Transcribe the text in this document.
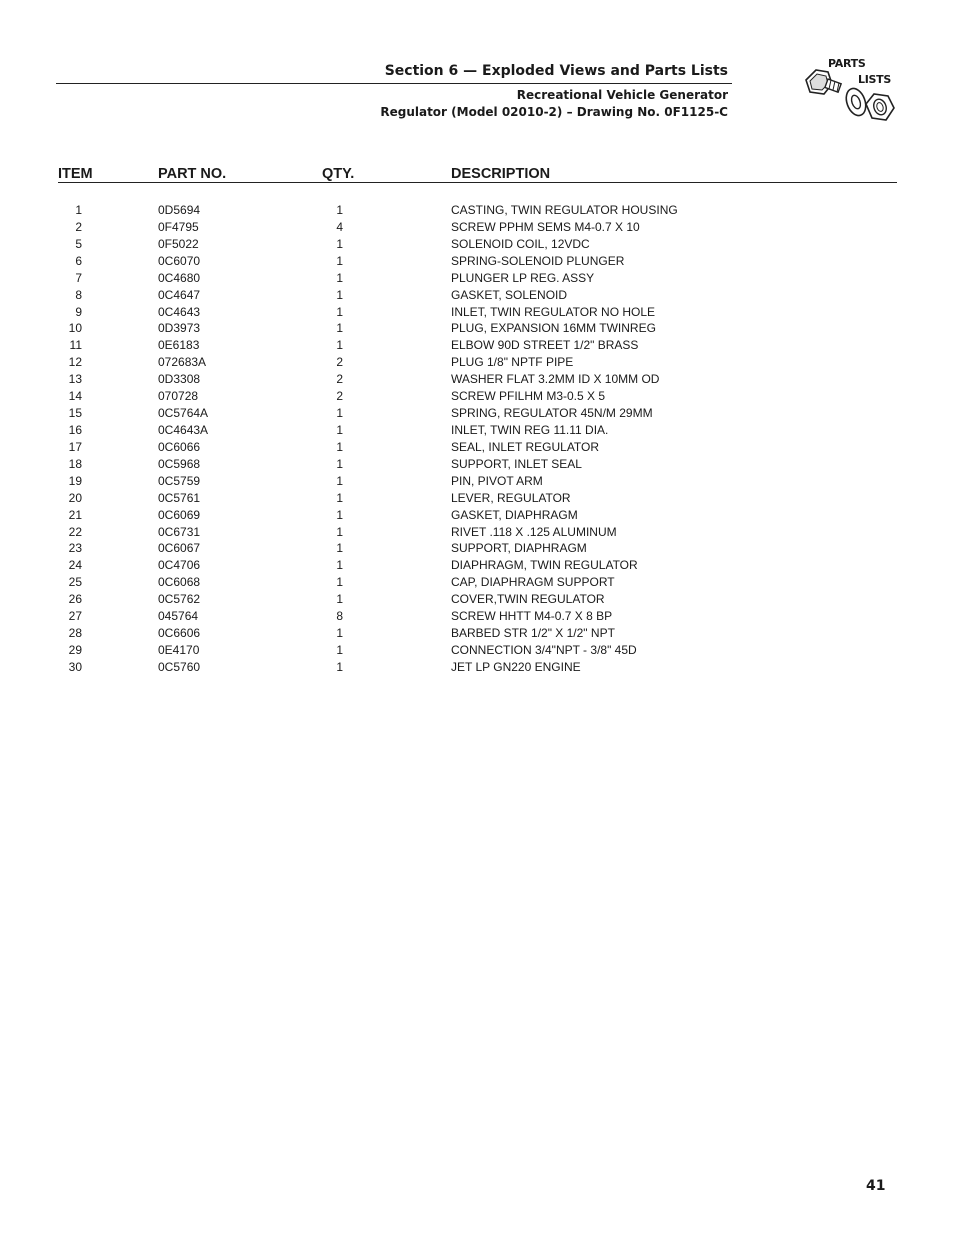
Section 6 — Exploded Views and Parts Lists
Recreational Vehicle Generator
Regulator (Model 02010-2) – Drawing No. 0F1125-C
PARTS
LISTS
ITEM	PART NO.	QTY.	DESCRIPTION
1	0D5694	1	CASTING, TWIN REGULATOR HOUSING
2	0F4795	4	SCREW PPHM SEMS M4-0.7 X 10
5	0F5022	1	SOLENOID COIL, 12VDC
6	0C6070	1	SPRING-SOLENOID PLUNGER
7	0C4680	1	PLUNGER LP REG. ASSY
8	0C4647	1	GASKET, SOLENOID
9	0C4643	1	INLET, TWIN REGULATOR NO HOLE
10	0D3973	1	PLUG, EXPANSION 16MM TWINREG
11	0E6183	1	ELBOW 90D STREET 1/2" BRASS
12	072683A	2	PLUG 1/8" NPTF PIPE
13	0D3308	2	WASHER FLAT 3.2MM ID X 10MM OD
14	070728	2	SCREW PFILHM M3-0.5 X 5
15	0C5764A	1	SPRING, REGULATOR 45N/M 29MM
16	0C4643A	1	INLET, TWIN REG 11.11 DIA.
17	0C6066	1	SEAL, INLET REGULATOR
18	0C5968	1	SUPPORT, INLET SEAL
19	0C5759	1	PIN, PIVOT ARM
20	0C5761	1	LEVER, REGULATOR
21	0C6069	1	GASKET, DIAPHRAGM
22	0C6731	1	RIVET .118 X .125 ALUMINUM
23	0C6067	1	SUPPORT, DIAPHRAGM
24	0C4706	1	DIAPHRAGM, TWIN REGULATOR
25	0C6068	1	CAP, DIAPHRAGM SUPPORT
26	0C5762	1	COVER,TWIN REGULATOR
27	045764	8	SCREW HHTT M4-0.7 X 8 BP
28	0C6606	1	BARBED STR 1/2" X 1/2" NPT
29	0E4170	1	CONNECTION 3/4"NPT - 3/8" 45D
30	0C5760	1	JET LP GN220 ENGINE
41
